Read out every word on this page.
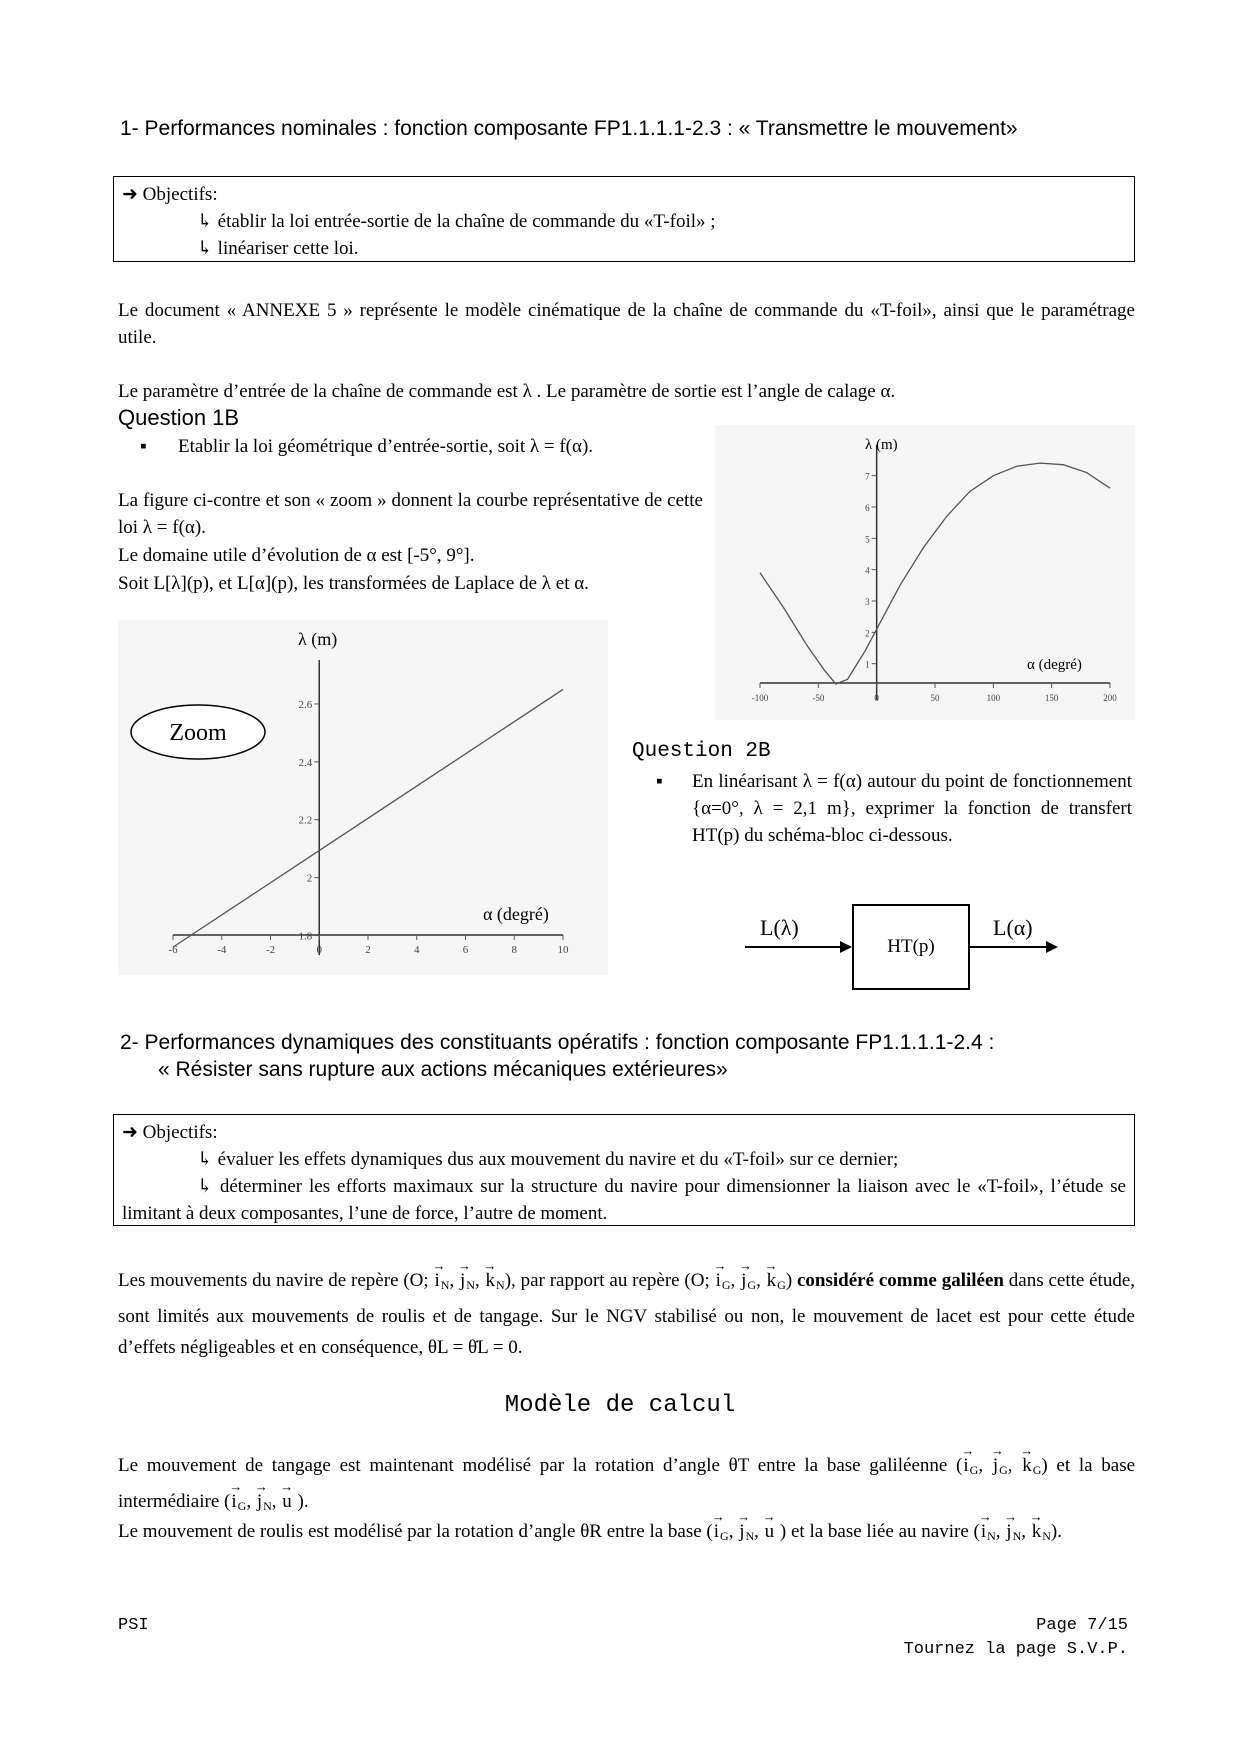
1- Performances nominales : fonction composante FP1.1.1.1-2.3 : « Transmettre le mouvement»
➜ Objectifs:
↳ établir la loi entrée-sortie de la chaîne de commande du «T-foil» ;
↳ linéariser cette loi.
Le document « ANNEXE 5 » représente le modèle cinématique de la chaîne de commande du «T-foil», ainsi que le paramétrage utile.
Le paramètre d’entrée de la chaîne de commande est λ . Le paramètre de sortie est l’angle de calage α.
Question 1B
▪ Etablir la loi géométrique d’entrée-sortie, soit λ = f(α).
La figure ci-contre et son « zoom » donnent la courbe représentative de cette loi λ = f(α).
Le domaine utile d’évolution de α est [-5°, 9°].
Soit L[λ](p), et L[α](p), les transformées de Laplace de λ et α.
-100	-50	0	50	100	150	200
1
2
3
4
5
6
7
λ (m)
α (degré)
Zoom
-6	-4	-2	0	2	4	6	8	10
1.8
2
2.2
2.4
2.6
λ (m)
α (degré)
Question 2B
▪ En linéarisant λ = f(α) autour du point de fonctionnement {α=0°, λ = 2,1 m}, exprimer la fonction de transfert HT(p) du schéma-bloc ci-dessous.
L(λ)
HT(p)
L(α)
2- Performances dynamiques des constituants opératifs : fonction composante FP1.1.1.1-2.4 :
« Résister sans rupture aux actions mécaniques extérieures»
➜ Objectifs:
↳ évaluer les effets dynamiques dus aux mouvement du navire et du «T-foil» sur ce dernier;
↳ déterminer les efforts maximaux sur la structure du navire pour dimensionner la liaison avec le «T-foil», l’étude se limitant à deux composantes, l’une de force, l’autre de moment.
Les mouvements du navire de repère (O; → $i_N$, → $j_N$, → $k_N$), par rapport au repère (O; → $i_G$, → $j_G$, → $k_G$) considéré comme galiléen dans cette étude, sont limités aux mouvements de roulis et de tangage. Sur le NGV stabilisé ou non, le mouvement de lacet est pour cette étude d’effets négligeables et en conséquence, θL = θ̇L = 0.
Modèle de calcul
Le mouvement de tangage est maintenant modélisé par la rotation d’angle θT entre la base galiléenne (→ $i_G$, → $j_G$, → $k_G$) et la base intermédiaire (→ $i_G$, → $j_N$, → u ).
Le mouvement de roulis est modélisé par la rotation d’angle θR entre la base (→ $i_G$, → $j_N$, → u ) et la base liée au navire (→ $i_N$, → $j_N$, → $k_N$).
PSI	Page 7/15
Tournez la page S.V.P.
